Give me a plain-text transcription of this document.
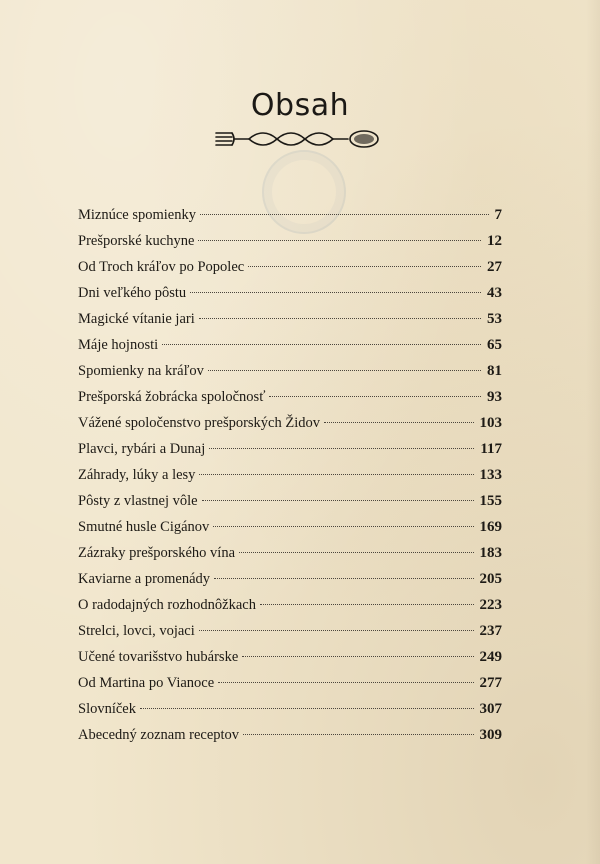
Obsah
Miznúce spomienky	7
Prešporské kuchyne	12
Od Troch kráľov po Popolec	27
Dni veľkého pôstu	43
Magické vítanie jari	53
Máje hojnosti	65
Spomienky na kráľov	81
Prešporská žobrácka spoločnosť	93
Vážené spoločenstvo prešporských Židov	103
Plavci, rybári a Dunaj	117
Záhrady, lúky a lesy	133
Pôsty z vlastnej vôle	155
Smutné husle Cigánov	169
Zázraky prešporského vína	183
Kaviarne a promenády	205
O radodajných rozhodnôžkach	223
Strelci, lovci, vojaci	237
Učené tovarišstvo hubárske	249
Od Martina po Vianoce	277
Slovníček	307
Abecedný zoznam receptov	309
